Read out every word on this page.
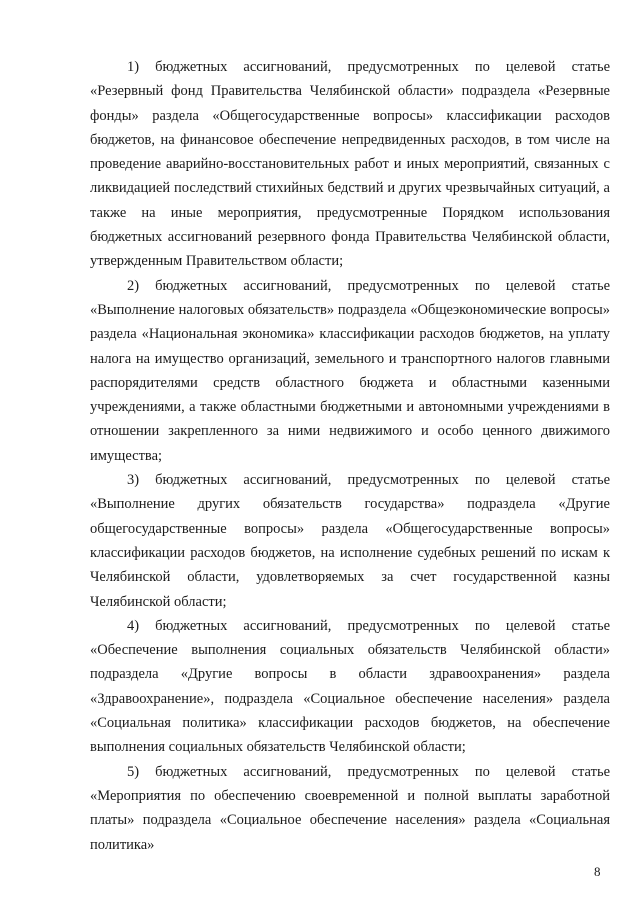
1) бюджетных ассигнований, предусмотренных по целевой статье «Резервный фонд Правительства Челябинской области» подраздела «Резервные фонды» раздела «Общегосударственные вопросы» классификации расходов бюджетов, на финансовое обеспечение непредвиденных расходов, в том числе на проведение аварийно-восстановительных работ и иных мероприятий, связанных с ликвидацией последствий стихийных бедствий и других чрезвычайных ситуаций, а также на иные мероприятия, предусмотренные Порядком использования бюджетных ассигнований резервного фонда Правительства Челябинской области, утвержденным Правительством области;

2) бюджетных ассигнований, предусмотренных по целевой статье «Выполнение налоговых обязательств» подраздела «Общеэкономические вопросы» раздела «Национальная экономика» классификации расходов бюджетов, на уплату налога на имущество организаций, земельного и транспортного налогов главными распорядителями средств областного бюджета и областными казенными учреждениями, а также областными бюджетными и автономными учреждениями в отношении закрепленного за ними недвижимого и особо ценного движимого имущества;

3) бюджетных ассигнований, предусмотренных по целевой статье «Выполнение других обязательств государства» подраздела «Другие общегосударственные вопросы» раздела «Общегосударственные вопросы» классификации расходов бюджетов, на исполнение судебных решений по искам к Челябинской области, удовлетворяемых за счет государственной казны Челябинской области;

4) бюджетных ассигнований, предусмотренных по целевой статье «Обеспечение выполнения социальных обязательств Челябинской области» подраздела «Другие вопросы в области здравоохранения» раздела «Здравоохранение», подраздела «Социальное обеспечение населения» раздела «Социальная политика» классификации расходов бюджетов, на обеспечение выполнения социальных обязательств Челябинской области;

5) бюджетных ассигнований, предусмотренных по целевой статье «Мероприятия по обеспечению своевременной и полной выплаты заработной платы» подраздела «Социальное обеспечение населения» раздела «Социальная политика»

8
